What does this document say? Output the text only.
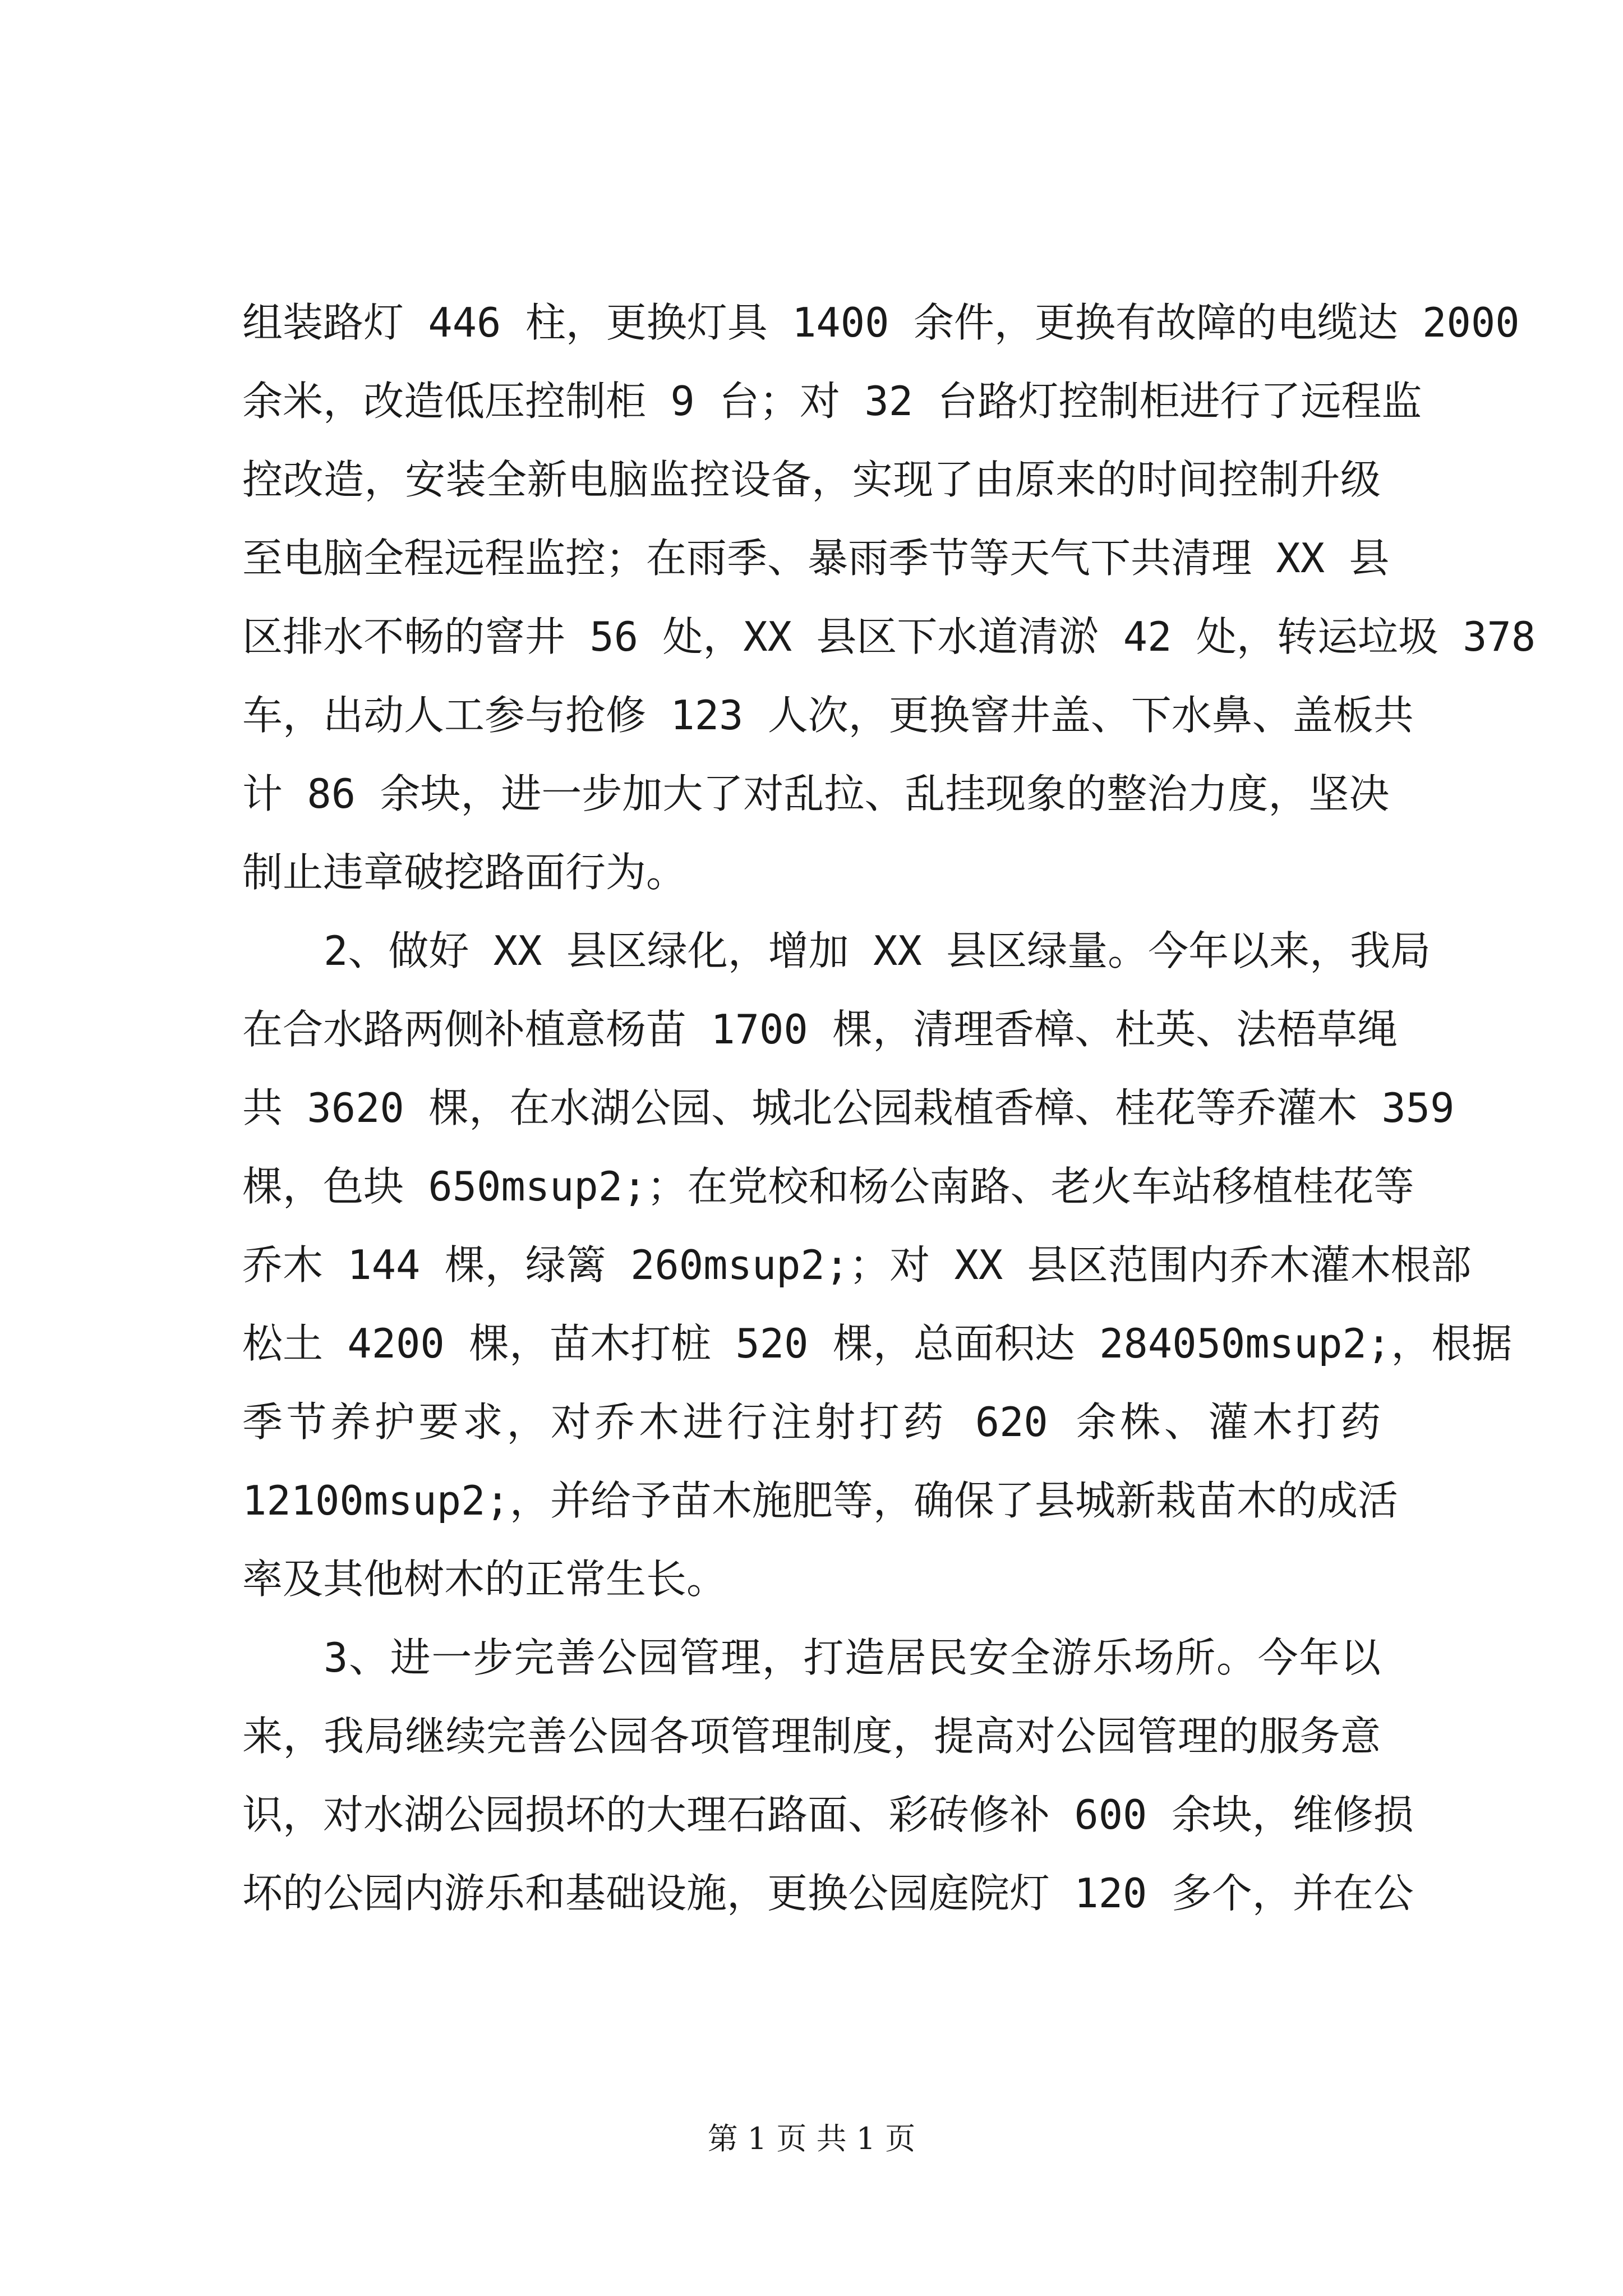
组装路灯 446 柱，更换灯具 1400 余件，更换有故障的电缆达 2000
余米，改造低压控制柜 9 台；对 32 台路灯控制柜进行了远程监
控改造，安装全新电脑监控设备，实现了由原来的时间控制升级
至电脑全程远程监控；在雨季、暴雨季节等天气下共清理 XX 县
区排水不畅的窨井 56 处，XX 县区下水道清淤 42 处，转运垃圾 378
车，出动人工参与抢修 123 人次，更换窨井盖、下水鼻、盖板共
计 86 余块，进一步加大了对乱拉、乱挂现象的整治力度，坚决
制止违章破挖路面行为。
2、做好 XX 县区绿化，增加 XX 县区绿量。今年以来，我局
在合水路两侧补植意杨苗 1700 棵，清理香樟、杜英、法梧草绳
共 3620 棵，在水湖公园、城北公园栽植香樟、桂花等乔灌木 359
棵，色块 650msup2;；在党校和杨公南路、老火车站移植桂花等
乔木 144 棵，绿篱 260msup2;；对 XX 县区范围内乔木灌木根部
松土 4200 棵，苗木打桩 520 棵，总面积达 284050msup2;，根据
季节养护要求，对乔木进行注射打药 620 余株、灌木打药
12100msup2;，并给予苗木施肥等，确保了县城新栽苗木的成活
率及其他树木的正常生长。
3、进一步完善公园管理，打造居民安全游乐场所。今年以
来，我局继续完善公园各项管理制度，提高对公园管理的服务意
识，对水湖公园损坏的大理石路面、彩砖修补 600 余块，维修损
坏的公园内游乐和基础设施，更换公园庭院灯 120 多个，并在公
第 1 页 共 1 页
